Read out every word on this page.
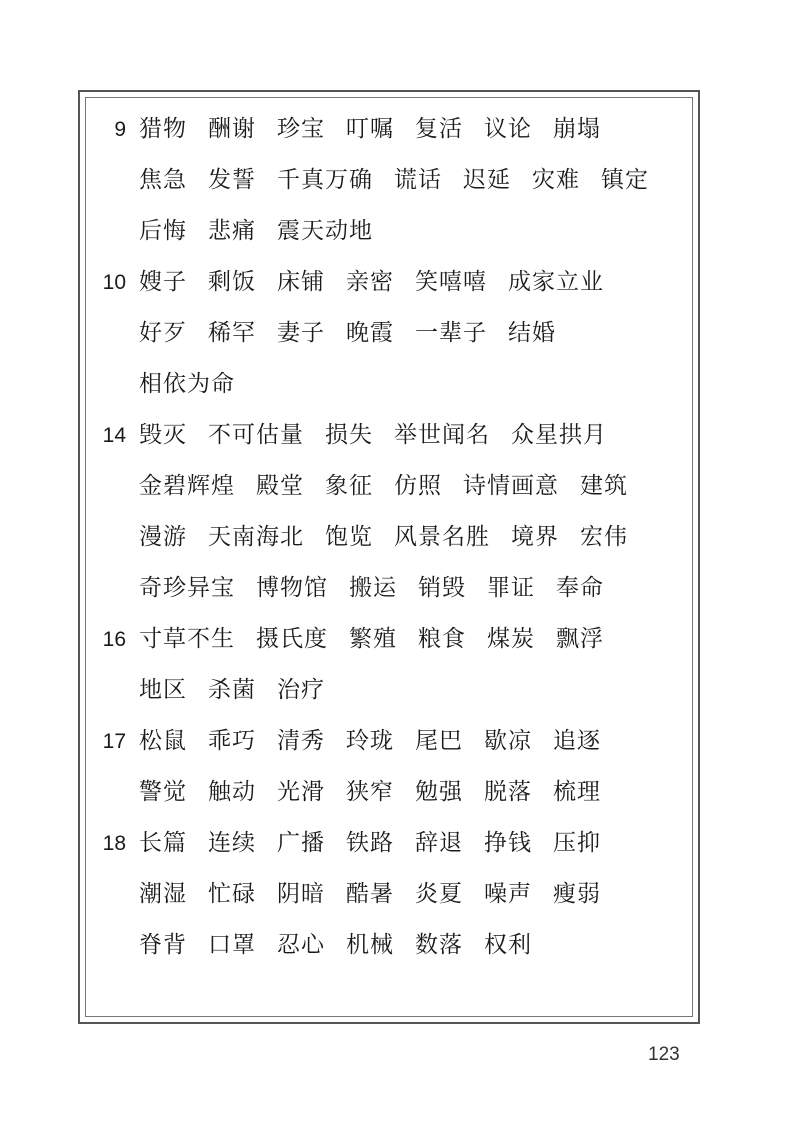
9 猎物 酬谢 珍宝 叮嘱 复活 议论 崩塌
焦急 发誓 千真万确 谎话 迟延 灾难 镇定
后悔 悲痛 震天动地
10 嫂子 剩饭 床铺 亲密 笑嘻嘻 成家立业
好歹 稀罕 妻子 晚霞 一辈子 结婚
相依为命
14 毁灭 不可估量 损失 举世闻名 众星拱月
金碧辉煌 殿堂 象征 仿照 诗情画意 建筑
漫游 天南海北 饱览 风景名胜 境界 宏伟
奇珍异宝 博物馆 搬运 销毁 罪证 奉命
16 寸草不生 摄氏度 繁殖 粮食 煤炭 飘浮
地区 杀菌 治疗
17 松鼠 乖巧 清秀 玲珑 尾巴 歇凉 追逐
警觉 触动 光滑 狭窄 勉强 脱落 梳理
18 长篇 连续 广播 铁路 辞退 挣钱 压抑
潮湿 忙碌 阴暗 酷暑 炎夏 噪声 瘦弱
脊背 口罩 忍心 机械 数落 权利
123
